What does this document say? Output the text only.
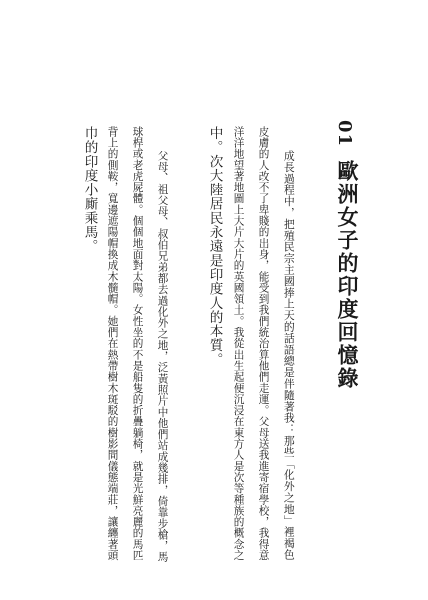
01
歐洲女子的印度回憶錄

成長過程中，把殖民宗主國捧上天的話語總是伴隨著我：那些「化外之地」裡褐色

皮膚的人改不了卑賤的出身，能受到我們統治算他們走運。父母送我進寄宿學校，我得意

洋洋地望著地圖上大片大片的英國領土。我從出生起便沉浸在東方人是次等種族的概念之

中。次大陸居民永遠是印度人的本質。

父母、祖父母、叔伯兄弟都去過化外之地，泛黃照片中他們站成幾排，倚靠步槍，馬

球桿或老虎屍體。個個地面對太陽。女性坐的不是船隻的折疊躺椅，就是光鮮亮麗的馬匹

背上的側鞍，寬邊遮陽帽換成木髓帽。她們在熱帶樹木斑駁的樹影間儀態端莊，讓纏著頭

巾的印度小廝乘馬。
